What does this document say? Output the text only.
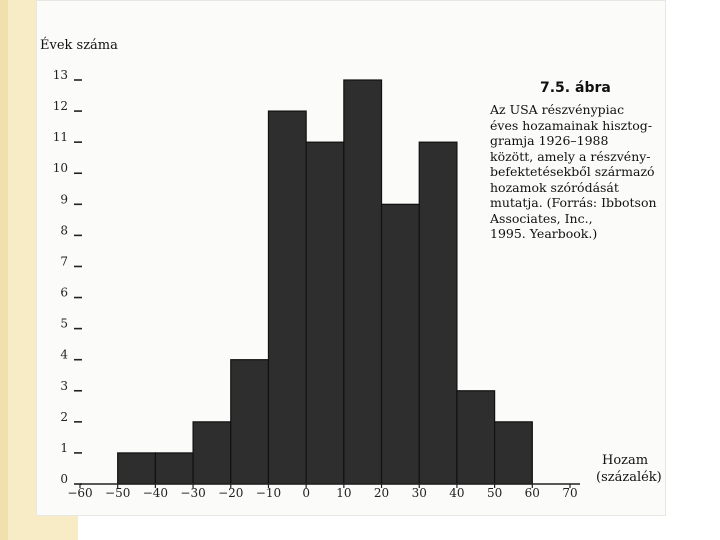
Évek száma
0
1
2
3
4
5
6
7
8
9
10
11
12
13
−60 −50 −40 −30 −20 −10 0 10 20 30 40 50 60 70
Hozam
(százalék)
7.5. ábra
Az USA részvénypiac
éves hozamainak hisztog-
gramja 1926–1988
között, amely a részvény-
befektetésekből származó
hozamok szóródását
mutatja. (Forrás: Ibbotson
Associates, Inc.,
1995. Yearbook.)
